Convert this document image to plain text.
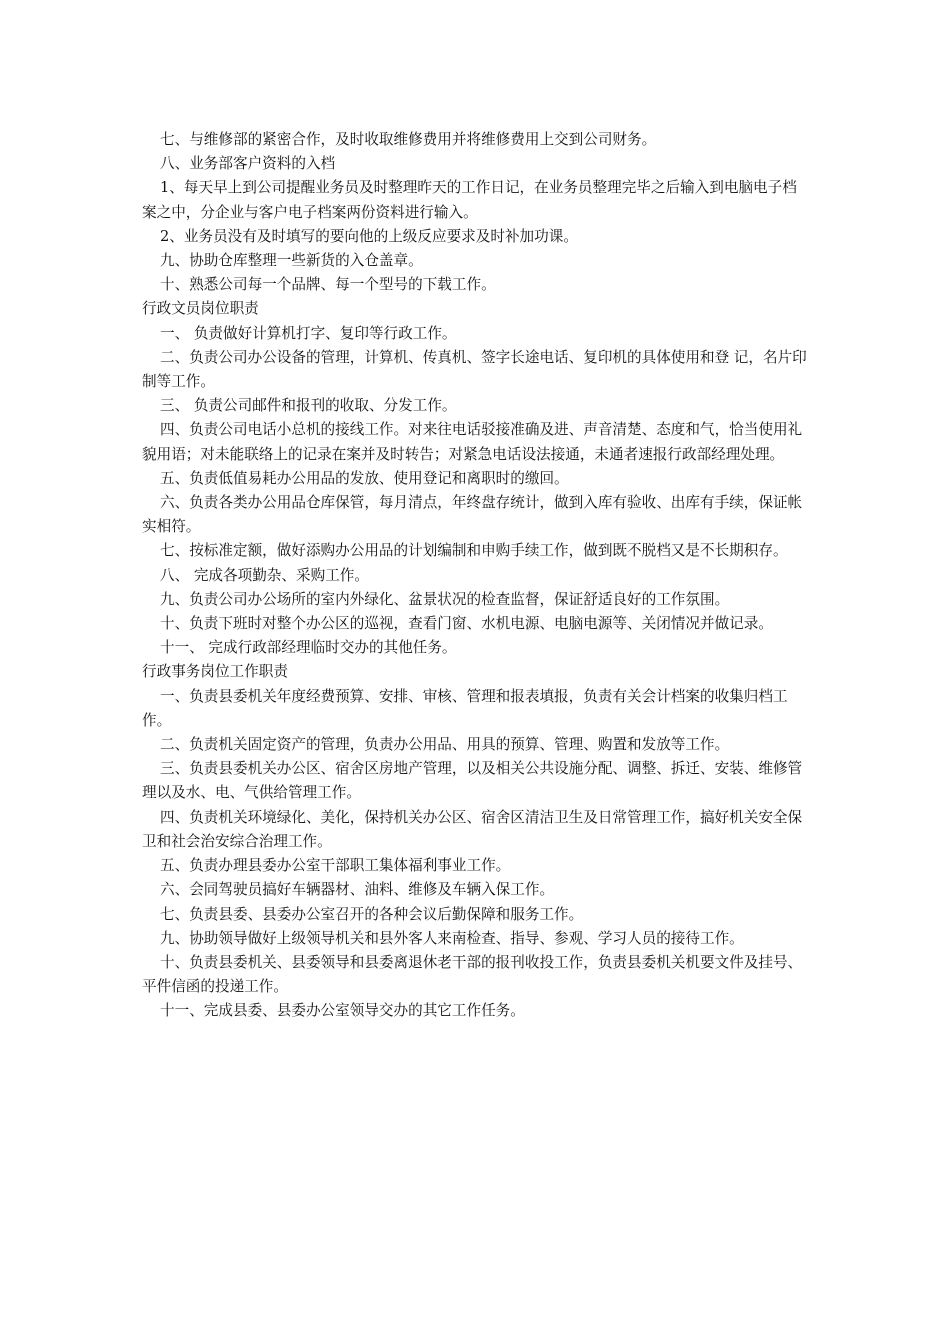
七、与维修部的紧密合作，及时收取维修费用并将维修费用上交到公司财务。

八、业务部客户资料的入档

1、每天早上到公司提醒业务员及时整理昨天的工作日记，在业务员整理完毕之后输入到电脑电子档案之中，分企业与客户电子档案两份资料进行输入。

2、业务员没有及时填写的要向他的上级反应要求及时补加功课。

九、协助仓库整理一些新货的入仓盖章。

十、熟悉公司每一个品牌、每一个型号的下载工作。

行政文员岗位职责

一、 负责做好计算机打字、复印等行政工作。

二、负责公司办公设备的管理，计算机、传真机、签字长途电话、复印机的具体使用和登 记，名片印制等工作。

三、 负责公司邮件和报刊的收取、分发工作。

四、负责公司电话小总机的接线工作。对来往电话驳接准确及进、声音清楚、态度和气，恰当使用礼貌用语；对未能联络上的记录在案并及时转告；对紧急电话设法接通，未通者速报行政部经理处理。

五、负责低值易耗办公用品的发放、使用登记和离职时的缴回。

六、负责各类办公用品仓库保管，每月清点，年终盘存统计，做到入库有验收、出库有手续，保证帐实相符。

七、按标准定额，做好添购办公用品的计划编制和申购手续工作，做到既不脱档又是不长期积存。

八、 完成各项勤杂、采购工作。

九、负责公司办公场所的室内外绿化、盆景状况的检查监督，保证舒适良好的工作氛围。

十、负责下班时对整个办公区的巡视，查看门窗、水机电源、电脑电源等、关闭情况并做记录。

十一、 完成行政部经理临时交办的其他任务。

行政事务岗位工作职责

一、负责县委机关年度经费预算、安排、审核、管理和报表填报，负责有关会计档案的收集归档工作。

二、负责机关固定资产的管理，负责办公用品、用具的预算、管理、购置和发放等工作。

三、负责县委机关办公区、宿舍区房地产管理，以及相关公共设施分配、调整、拆迁、安装、维修管理以及水、电、气供给管理工作。

四、负责机关环境绿化、美化，保持机关办公区、宿舍区清洁卫生及日常管理工作，搞好机关安全保卫和社会治安综合治理工作。

五、负责办理县委办公室干部职工集体福利事业工作。

六、会同驾驶员搞好车辆器材、油料、维修及车辆入保工作。

七、负责县委、县委办公室召开的各种会议后勤保障和服务工作。

九、协助领导做好上级领导机关和县外客人来南检查、指导、参观、学习人员的接待工作。

十、负责县委机关、县委领导和县委离退休老干部的报刊收投工作，负责县委机关机要文件及挂号、平件信函的投递工作。

十一、完成县委、县委办公室领导交办的其它工作任务。
